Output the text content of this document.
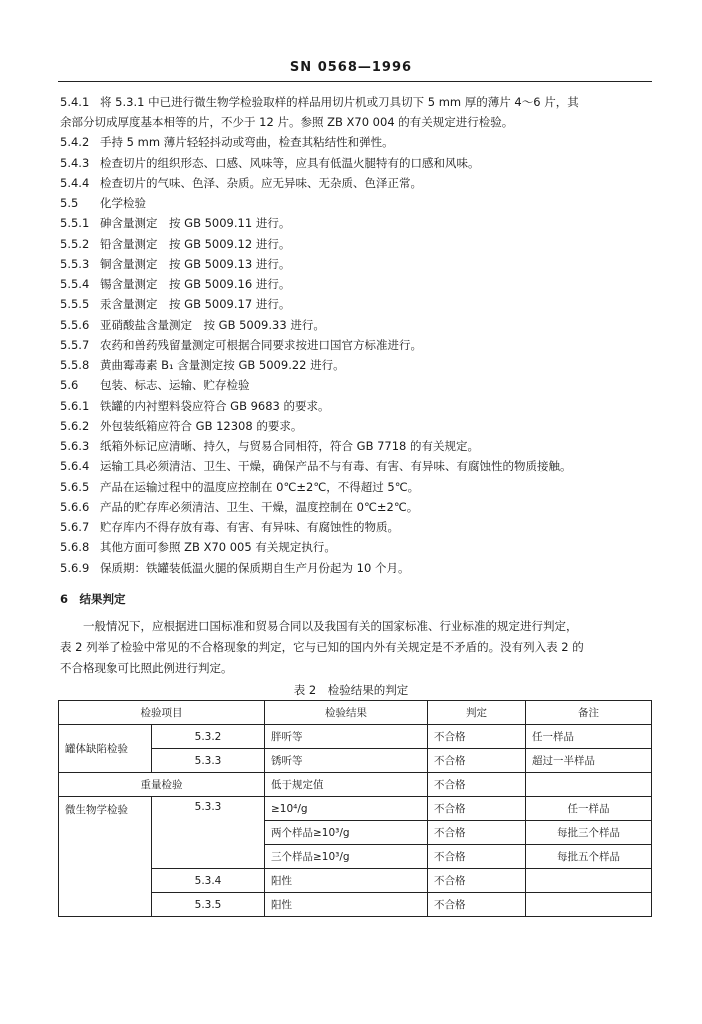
SN 0568—1996
5.4.1 将 5.3.1 中已进行微生物学检验取样的样品用切片机或刀具切下 5 mm 厚的薄片 4～6 片，其
余部分切成厚度基本相等的片，不少于 12 片。参照 ZB X70 004 的有关规定进行检验。
5.4.2 手持 5 mm 薄片轻轻抖动或弯曲，检查其粘结性和弹性。
5.4.3 检查切片的组织形态、口感、风味等，应具有低温火腿特有的口感和风味。
5.4.4 检查切片的气味、色泽、杂质。应无异味、无杂质、色泽正常。
5.5 化学检验
5.5.1 砷含量测定　按 GB 5009.11 进行。
5.5.2 铅含量测定　按 GB 5009.12 进行。
5.5.3 铜含量测定　按 GB 5009.13 进行。
5.5.4 锡含量测定　按 GB 5009.16 进行。
5.5.5 汞含量测定　按 GB 5009.17 进行。
5.5.6 亚硝酸盐含量测定　按 GB 5009.33 进行。
5.5.7 农药和兽药残留量测定可根据合同要求按进口国官方标准进行。
5.5.8 黄曲霉毒素 B₁ 含量测定按 GB 5009.22 进行。
5.6 包装、标志、运输、贮存检验
5.6.1 铁罐的内衬塑料袋应符合 GB 9683 的要求。
5.6.2 外包装纸箱应符合 GB 12308 的要求。
5.6.3 纸箱外标记应清晰、持久，与贸易合同相符，符合 GB 7718 的有关规定。
5.6.4 运输工具必须清洁、卫生、干燥，确保产品不与有毒、有害、有异味、有腐蚀性的物质接触。
5.6.5 产品在运输过程中的温度应控制在 0℃±2℃，不得超过 5℃。
5.6.6 产品的贮存库必须清洁、卫生、干燥，温度控制在 0℃±2℃。
5.6.7 贮存库内不得存放有毒、有害、有异味、有腐蚀性的物质。
5.6.8 其他方面可参照 ZB X70 005 有关规定执行。
5.6.9 保质期：铁罐装低温火腿的保质期自生产月份起为 10 个月。
6　结果判定
一般情况下，应根据进口国标准和贸易合同以及我国有关的国家标准、行业标准的规定进行判定，
表 2 列举了检验中常见的不合格现象的判定，它与已知的国内外有关规定是不矛盾的。没有列入表 2 的
不合格现象可比照此例进行判定。
表 2　检验结果的判定
检验项目		检验结果	判定	备注
罐体缺陷检验	5.3.2	胖听等	不合格	任一样品
	5.3.3	锈听等	不合格	超过一半样品
重量检验		低于规定值	不合格	
微生物学检验	5.3.3	≥10⁴/g	不合格	任一样品
		两个样品≥10³/g	不合格	每批三个样品
		三个样品≥10³/g	不合格	每批五个样品
	5.3.4	阳性	不合格	
	5.3.5	阳性	不合格	
